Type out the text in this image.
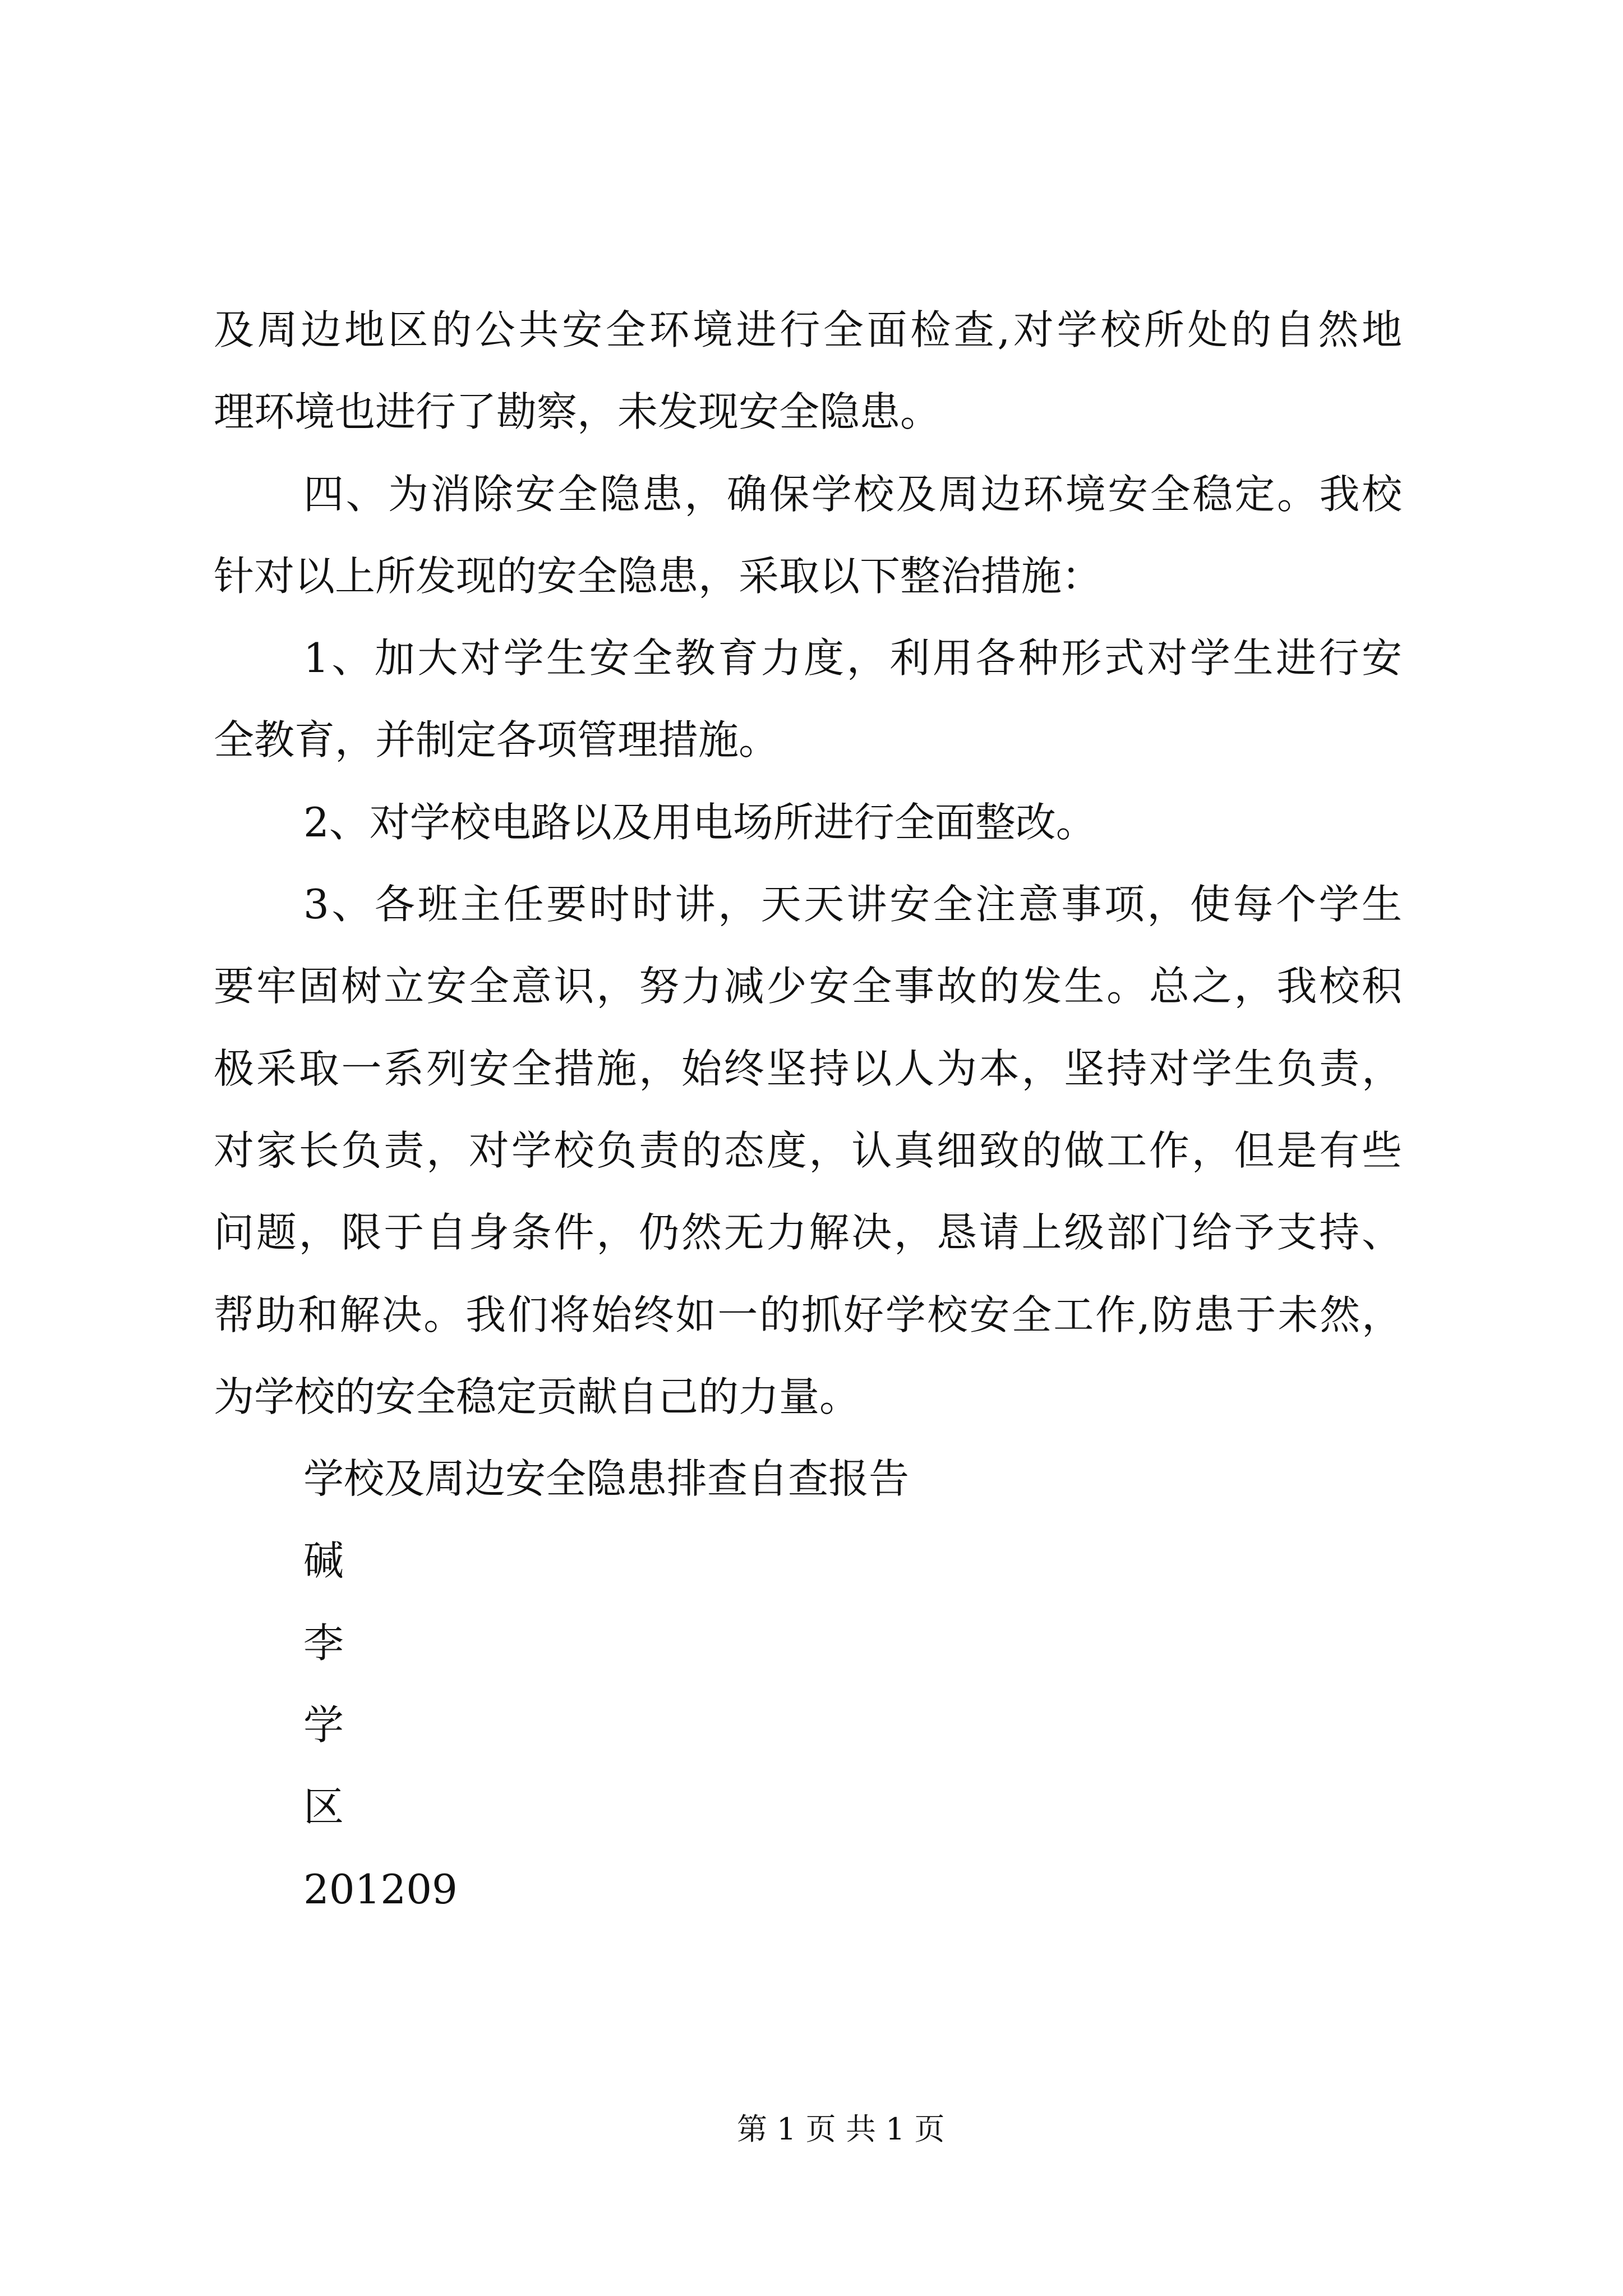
及周边地区的公共安全环境进行全面检查,对学校所处的自然地
理环境也进行了勘察，未发现安全隐患。
四、为消除安全隐患，确保学校及周边环境安全稳定。我校
针对以上所发现的安全隐患，采取以下整治措施：
1、加大对学生安全教育力度，利用各种形式对学生进行安
全教育，并制定各项管理措施。
2、对学校电路以及用电场所进行全面整改。
3、各班主任要时时讲，天天讲安全注意事项，使每个学生
要牢固树立安全意识，努力减少安全事故的发生。总之，我校积
极采取一系列安全措施，始终坚持以人为本，坚持对学生负责，
对家长负责，对学校负责的态度，认真细致的做工作，但是有些
问题，限于自身条件，仍然无力解决，恳请上级部门给予支持、
帮助和解决。我们将始终如一的抓好学校安全工作,防患于未然，
为学校的安全稳定贡献自己的力量。
学校及周边安全隐患排查自查报告
碱
李
学
区
201209
第 1 页 共 1 页
